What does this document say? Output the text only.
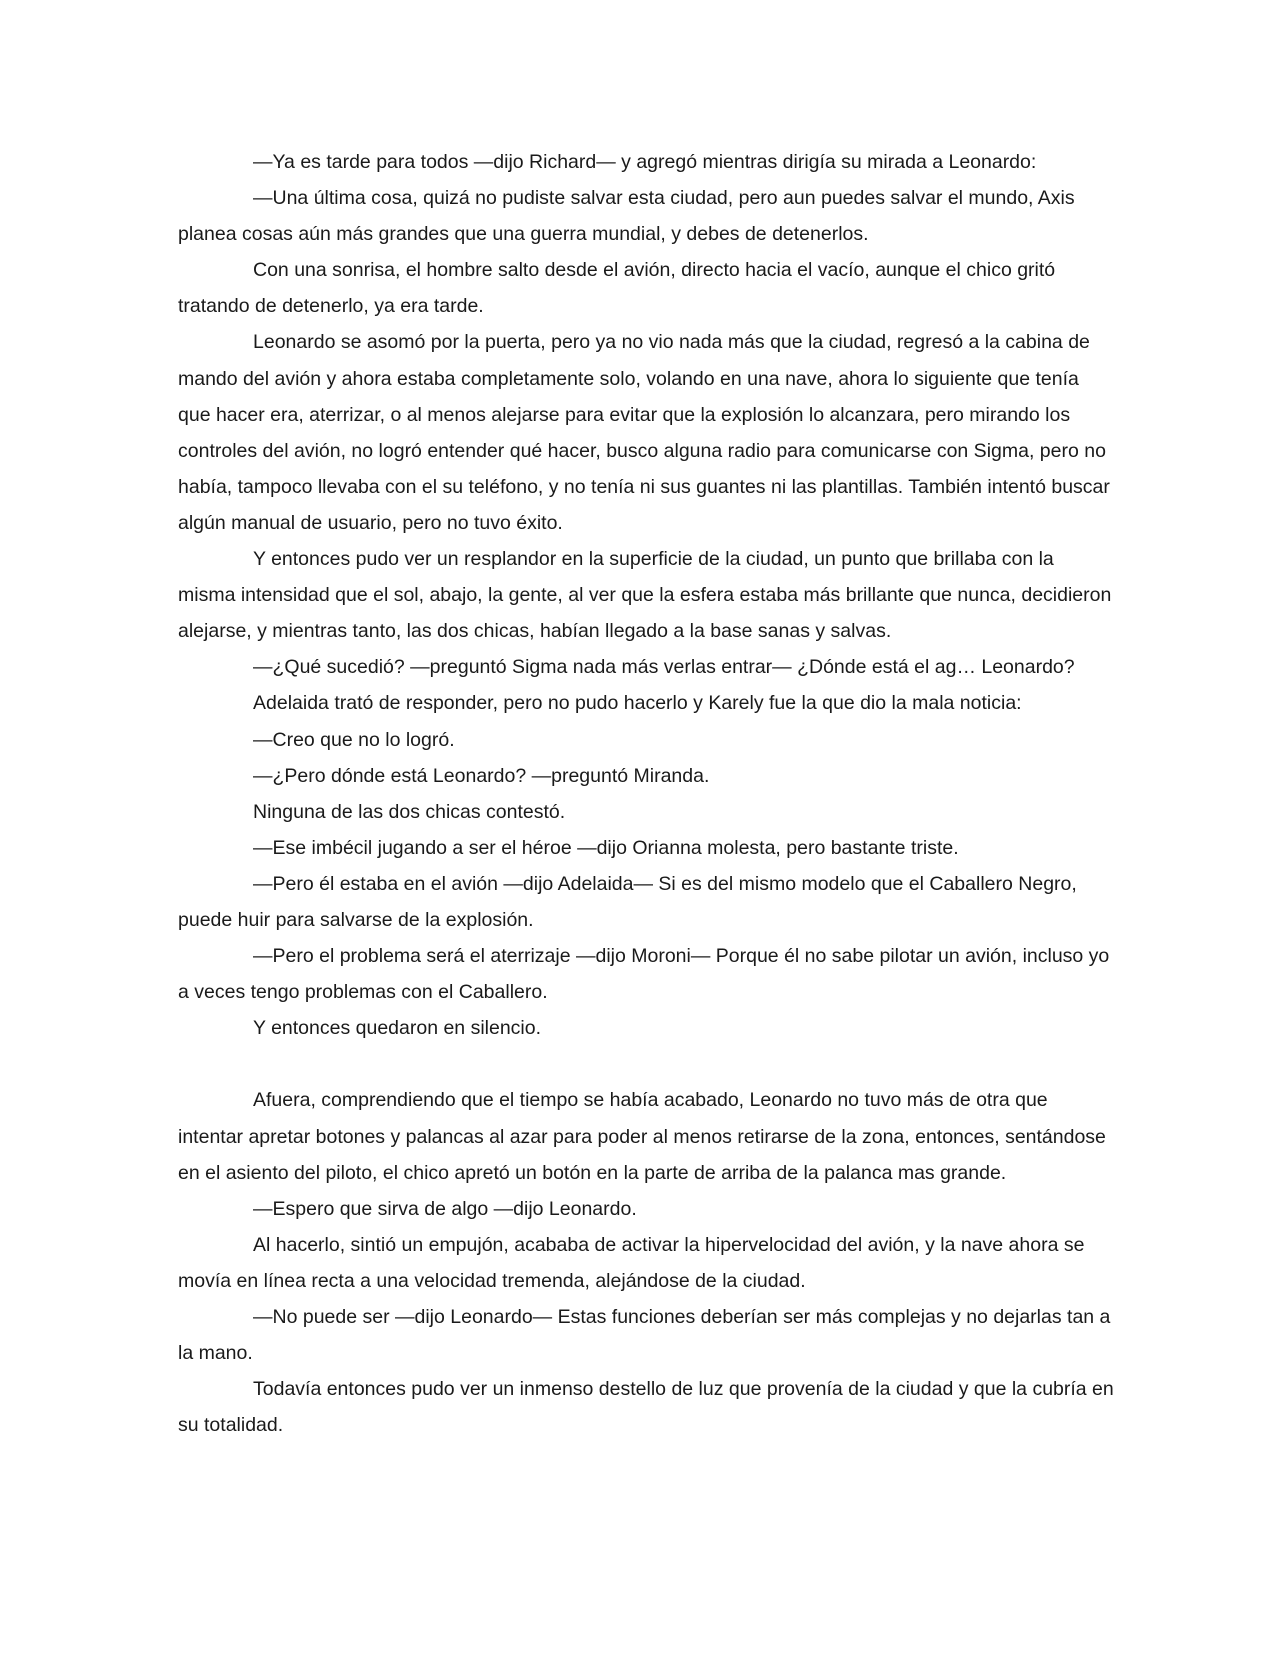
—Ya es tarde para todos —dijo Richard— y agregó mientras dirigía su mirada a Leonardo:

—Una última cosa, quizá no pudiste salvar esta ciudad, pero aun puedes salvar el mundo, Axis planea cosas aún más grandes que una guerra mundial, y debes de detenerlos.

Con una sonrisa, el hombre salto desde el avión, directo hacia el vacío, aunque el chico gritó tratando de detenerlo, ya era tarde.

Leonardo se asomó por la puerta, pero ya no vio nada más que la ciudad, regresó a la cabina de mando del avión y ahora estaba completamente solo, volando en una nave, ahora lo siguiente que tenía que hacer era, aterrizar, o al menos alejarse para evitar que la explosión lo alcanzara, pero mirando los controles del avión, no logró entender qué hacer, busco alguna radio para comunicarse con Sigma, pero no había, tampoco llevaba con el su teléfono, y no tenía ni sus guantes ni las plantillas. También intentó buscar algún manual de usuario, pero no tuvo éxito.

Y entonces pudo ver un resplandor en la superficie de la ciudad, un punto que brillaba con la misma intensidad que el sol, abajo, la gente, al ver que la esfera estaba más brillante que nunca, decidieron alejarse, y mientras tanto, las dos chicas, habían llegado a la base sanas y salvas.

—¿Qué sucedió? —preguntó Sigma nada más verlas entrar— ¿Dónde está el ag… Leonardo?

Adelaida trató de responder, pero no pudo hacerlo y Karely fue la que dio la mala noticia:

—Creo que no lo logró.

—¿Pero dónde está Leonardo? —preguntó Miranda.

Ninguna de las dos chicas contestó.

—Ese imbécil jugando a ser el héroe —dijo Orianna molesta, pero bastante triste.

—Pero él estaba en el avión —dijo Adelaida— Si es del mismo modelo que el Caballero Negro, puede huir para salvarse de la explosión.

—Pero el problema será el aterrizaje —dijo Moroni— Porque él no sabe pilotar un avión, incluso yo a veces tengo problemas con el Caballero.

Y entonces quedaron en silencio.

Afuera, comprendiendo que el tiempo se había acabado, Leonardo no tuvo más de otra que intentar apretar botones y palancas al azar para poder al menos retirarse de la zona, entonces, sentándose en el asiento del piloto, el chico apretó un botón en la parte de arriba de la palanca mas grande.

—Espero que sirva de algo —dijo Leonardo.

Al hacerlo, sintió un empujón, acababa de activar la hipervelocidad del avión, y la nave ahora se movía en línea recta a una velocidad tremenda, alejándose de la ciudad.

—No puede ser —dijo Leonardo— Estas funciones deberían ser más complejas y no dejarlas tan a la mano.

Todavía entonces pudo ver un inmenso destello de luz que provenía de la ciudad y que la cubría en su totalidad.
